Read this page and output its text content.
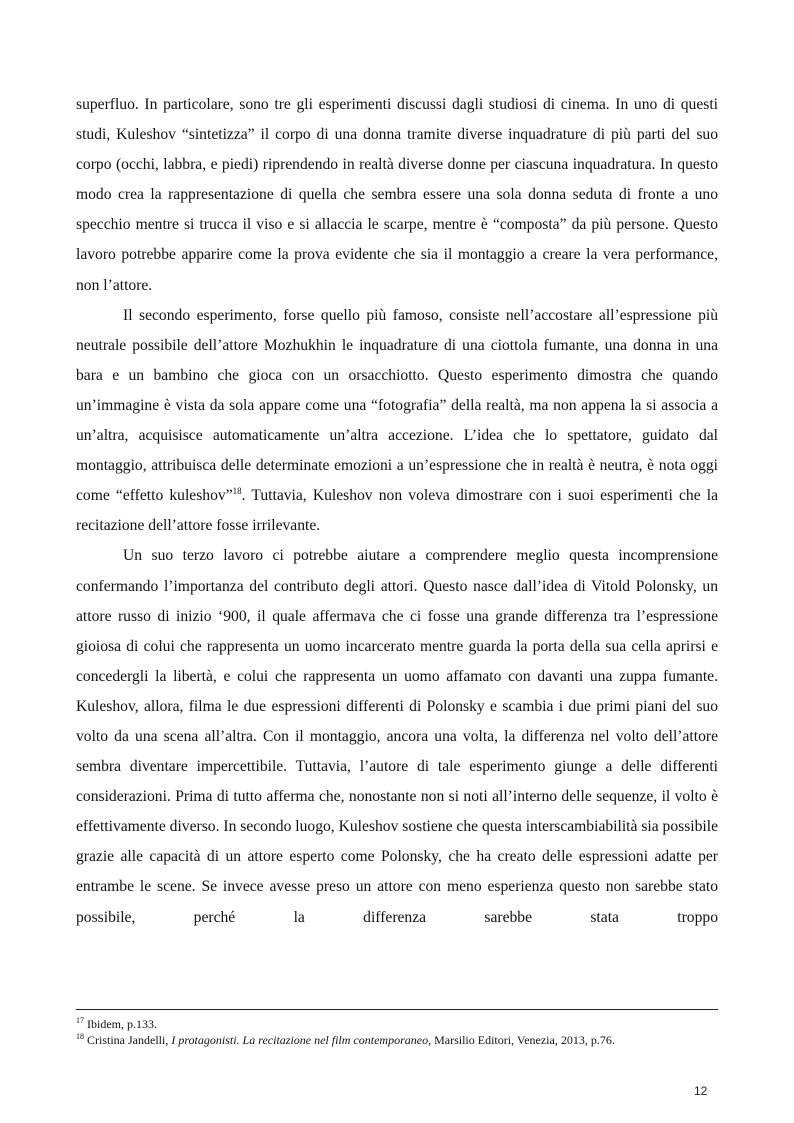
superfluo. In particolare, sono tre gli esperimenti discussi dagli studiosi di cinema. In uno di questi studi, Kuleshov “sintetizza” il corpo di una donna tramite diverse inquadrature di più parti del suo corpo (occhi, labbra, e piedi) riprendendo in realtà diverse donne per ciascuna inquadratura. In questo modo crea la rappresentazione di quella che sembra essere una sola donna seduta di fronte a uno specchio mentre si trucca il viso e si allaccia le scarpe, mentre è “composta” da più persone. Questo lavoro potrebbe apparire come la prova evidente che sia il montaggio a creare la vera performance, non l’attore.

Il secondo esperimento, forse quello più famoso, consiste nell’accostare all’espressione più neutrale possibile dell’attore Mozhukhin le inquadrature di una ciottola fumante, una donna in una bara e un bambino che gioca con un orsacchiotto. Questo esperimento dimostra che quando un’immagine è vista da sola appare come una “fotografia” della realtà, ma non appena la si associa a un’altra, acquisisce automaticamente un’altra accezione. L’idea che lo spettatore, guidato dal montaggio, attribuisca delle determinate emozioni a un’espressione che in realtà è neutra, è nota oggi come “effetto kuleshov”$^{18}$. Tuttavia, Kuleshov non voleva dimostrare con i suoi esperimenti che la recitazione dell’attore fosse irrilevante.

Un suo terzo lavoro ci potrebbe aiutare a comprendere meglio questa incomprensione confermando l’importanza del contributo degli attori. Questo nasce dall’idea di Vitold Polonsky, un attore russo di inizio ‘900, il quale affermava che ci fosse una grande differenza tra l’espressione gioiosa di colui che rappresenta un uomo incarcerato mentre guarda la porta della sua cella aprirsi e concedergli la libertà, e colui che rappresenta un uomo affamato con davanti una zuppa fumante. Kuleshov, allora, filma le due espressioni differenti di Polonsky e scambia i due primi piani del suo volto da una scena all’altra. Con il montaggio, ancora una volta, la differenza nel volto dell’attore sembra diventare impercettibile. Tuttavia, l’autore di tale esperimento giunge a delle differenti considerazioni. Prima di tutto afferma che, nonostante non si noti all’interno delle sequenze, il volto è effettivamente diverso. In secondo luogo, Kuleshov sostiene che questa interscambiabilità sia possibile grazie alle capacità di un attore esperto come Polonsky, che ha creato delle espressioni adatte per entrambe le scene. Se invece avesse preso un attore con meno esperienza questo non sarebbe stato possibile, perché la differenza sarebbe stata troppo

$^{17}$ Ibidem, p.133.
$^{18}$ Cristina Jandelli, I protagonisti. La recitazione nel film contemporaneo, Marsilio Editori, Venezia, 2013, p.76.
12
